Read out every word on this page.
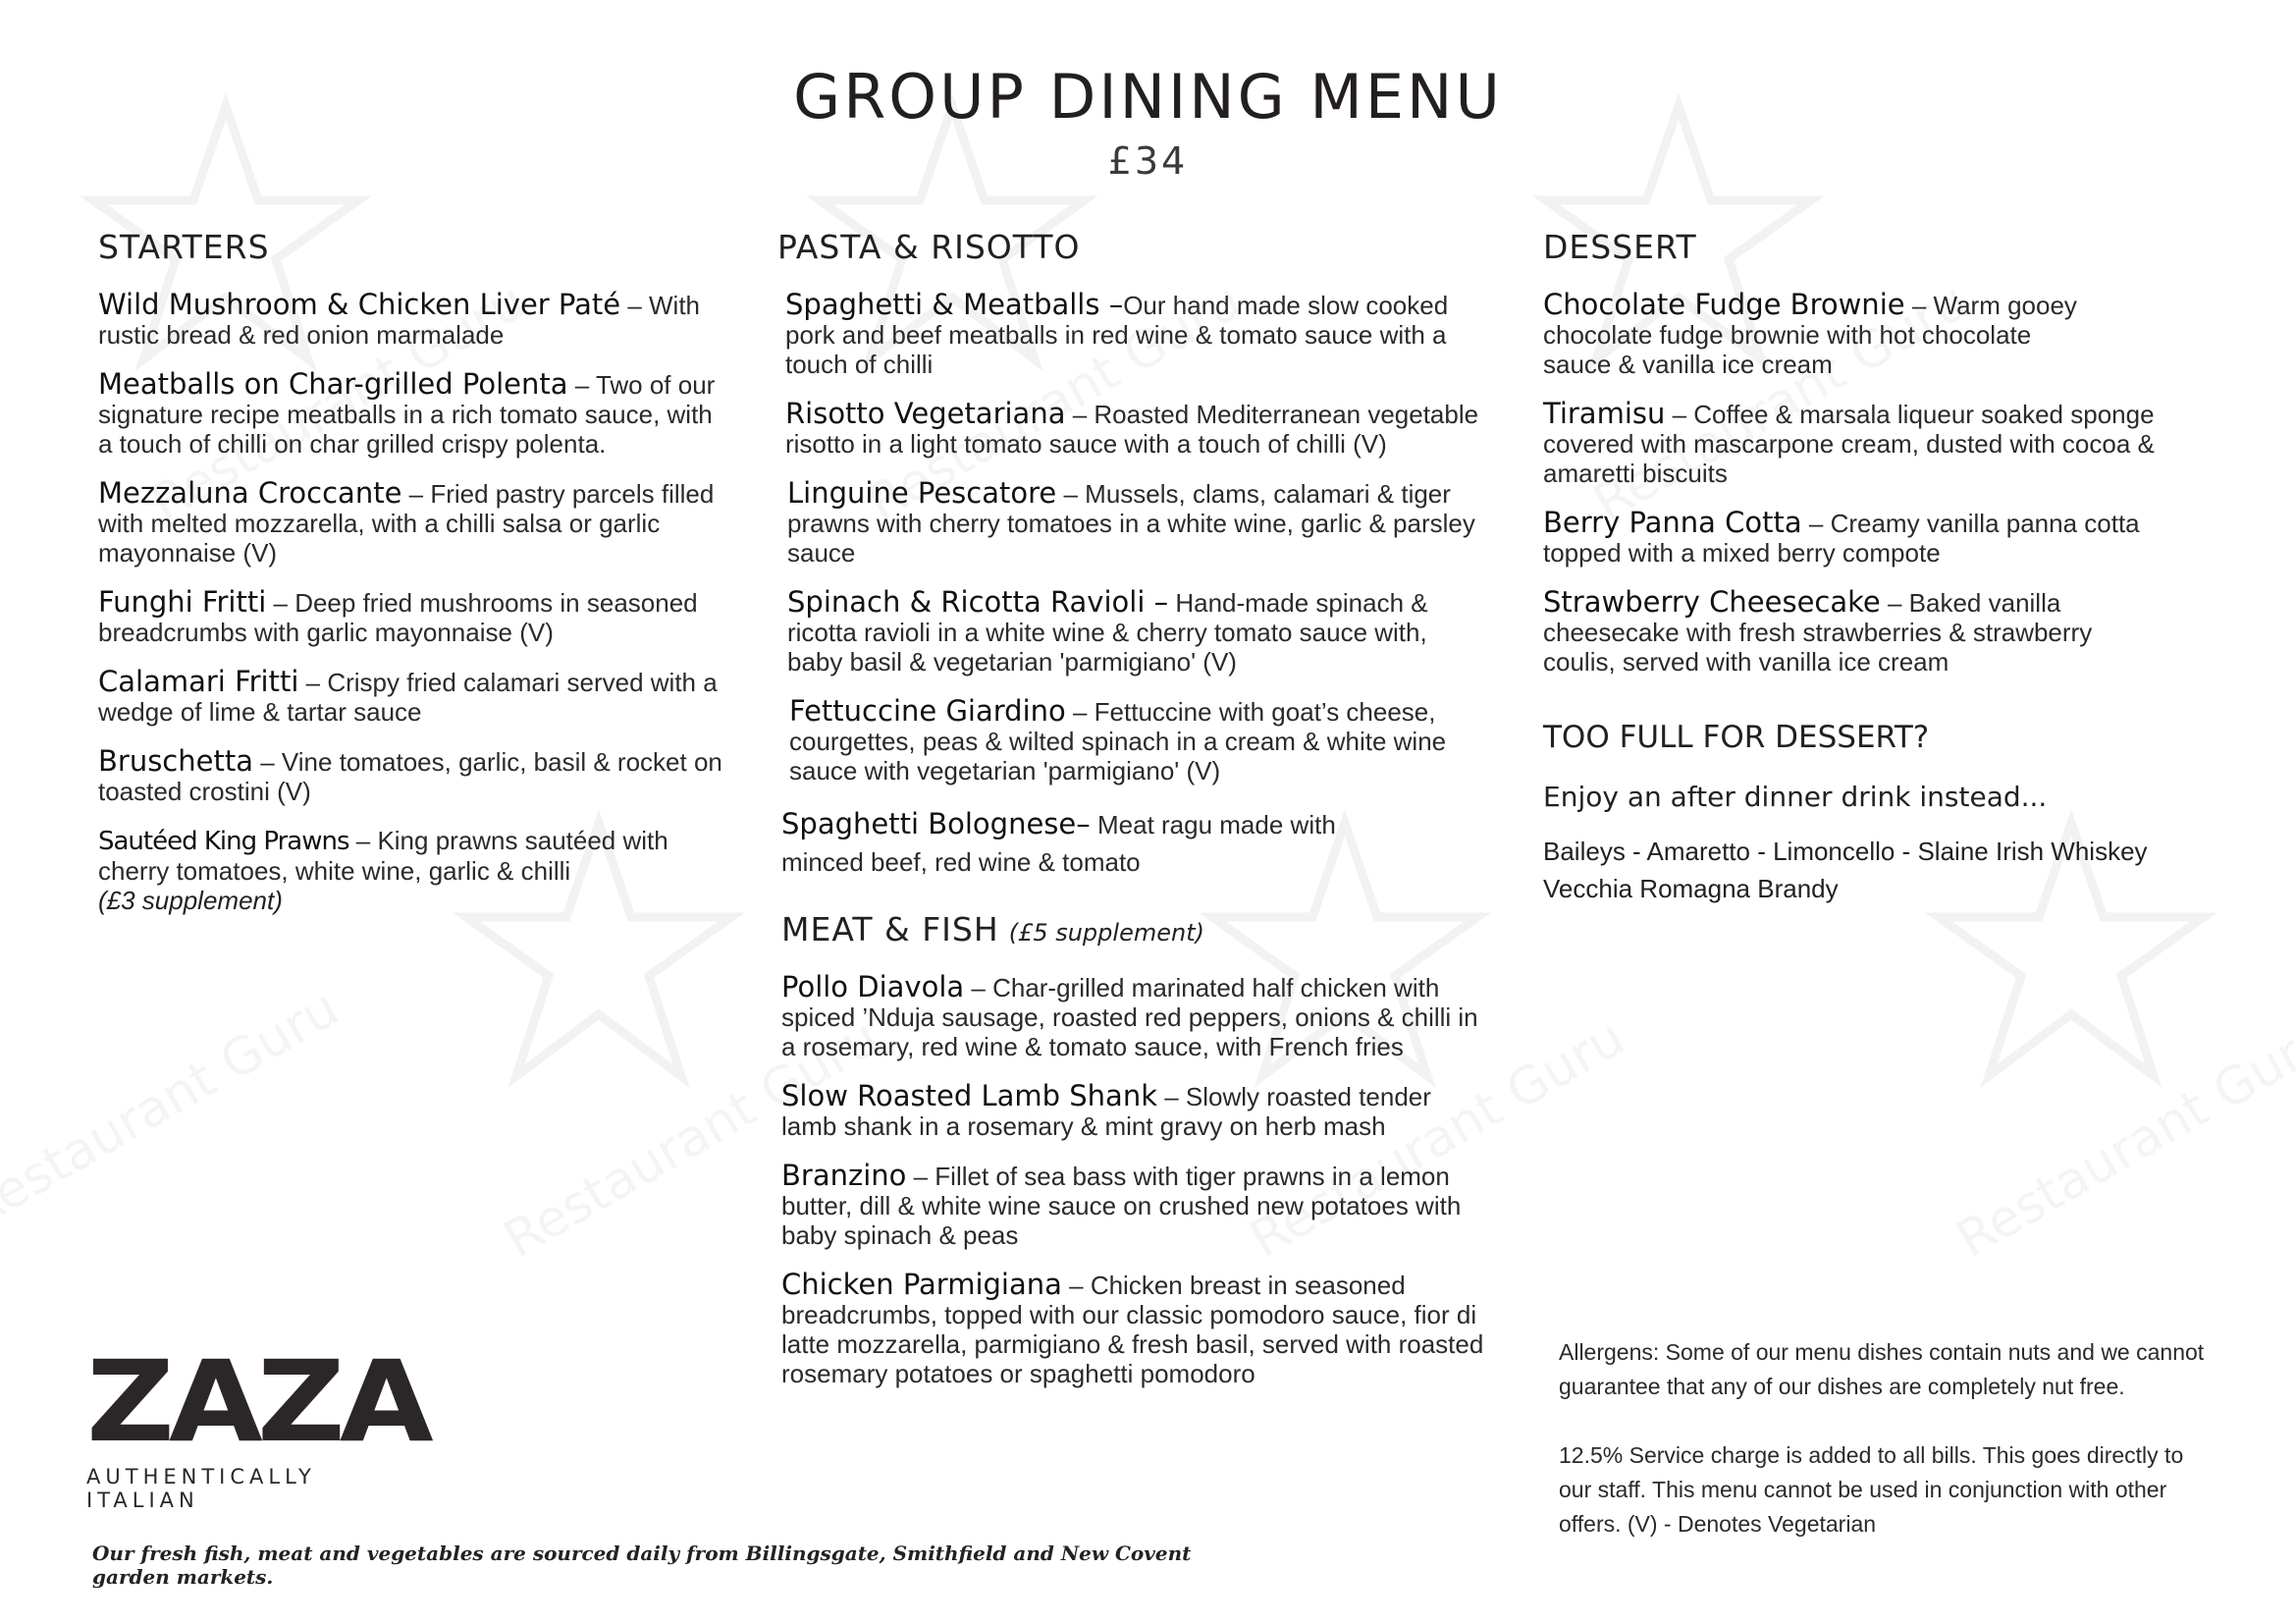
GROUP DINING MENU
£34
STARTERS
Wild Mushroom & Chicken Liver Paté – With rustic bread & red onion marmalade
Meatballs on Char-grilled Polenta – Two of our signature recipe meatballs in a rich tomato sauce, with a touch of chilli on char grilled crispy polenta.
Mezzaluna Croccante – Fried pastry parcels filled with melted mozzarella, with a chilli salsa or garlic mayonnaise (V)
Funghi Fritti – Deep fried mushrooms in seasoned breadcrumbs with garlic mayonnaise (V)
Calamari Fritti – Crispy fried calamari served with a wedge of lime & tartar sauce
Bruschetta – Vine tomatoes, garlic, basil & rocket on toasted crostini (V)
Sautéed King Prawns – King prawns sautéed with cherry tomatoes, white wine, garlic & chilli
(£3 supplement)
PASTA & RISOTTO
Spaghetti & Meatballs –Our hand made slow cooked pork and beef meatballs in red wine & tomato sauce with a touch of chilli
Risotto Vegetariana – Roasted Mediterranean vegetable risotto in a light tomato sauce with a touch of chilli (V)
Linguine Pescatore – Mussels, clams, calamari & tiger prawns with cherry tomatoes in a white wine, garlic & parsley sauce
Spinach & Ricotta Ravioli – Hand-made spinach & ricotta ravioli in a white wine & cherry tomato sauce with, baby basil & vegetarian 'parmigiano' (V)
Fettuccine Giardino – Fettuccine with goat’s cheese, courgettes, peas & wilted spinach in a cream & white wine sauce with vegetarian 'parmigiano' (V)
Spaghetti Bolognese– Meat ragu made with minced beef, red wine & tomato
MEAT & FISH (£5 supplement)
Pollo Diavola – Char-grilled marinated half chicken with spiced ’Nduja sausage, roasted red peppers, onions & chilli in a rosemary, red wine & tomato sauce, with French fries
Slow Roasted Lamb Shank – Slowly roasted tender lamb shank in a rosemary & mint gravy on herb mash
Branzino – Fillet of sea bass with tiger prawns in a lemon butter, dill & white wine sauce on crushed new potatoes with baby spinach & peas
Chicken Parmigiana – Chicken breast in seasoned breadcrumbs, topped with our classic pomodoro sauce, fior di latte mozzarella, parmigiano & fresh basil, served with roasted rosemary potatoes or spaghetti pomodoro
DESSERT
Chocolate Fudge Brownie – Warm gooey chocolate fudge brownie with hot chocolate sauce & vanilla ice cream
Tiramisu – Coffee & marsala liqueur soaked sponge covered with mascarpone cream, dusted with cocoa & amaretti biscuits
Berry Panna Cotta – Creamy vanilla panna cotta topped with a mixed berry compote
Strawberry Cheesecake – Baked vanilla cheesecake with fresh strawberries & strawberry coulis, served with vanilla ice cream
TOO FULL FOR DESSERT?
Enjoy an after dinner drink instead...
Baileys - Amaretto - Limoncello - Slaine Irish Whiskey
Vecchia Romagna Brandy

Allergens: Some of our menu dishes contain nuts and we cannot guarantee that any of our dishes are completely nut free.

12.5% Service charge is added to all bills. This goes directly to our staff. This menu cannot be used in conjunction with other offers. (V) - Denotes Vegetarian

ZAZA
AUTHENTICALLY ITALIAN
Our fresh fish, meat and vegetables are sourced daily from Billingsgate, Smithfield and New Covent garden markets.
